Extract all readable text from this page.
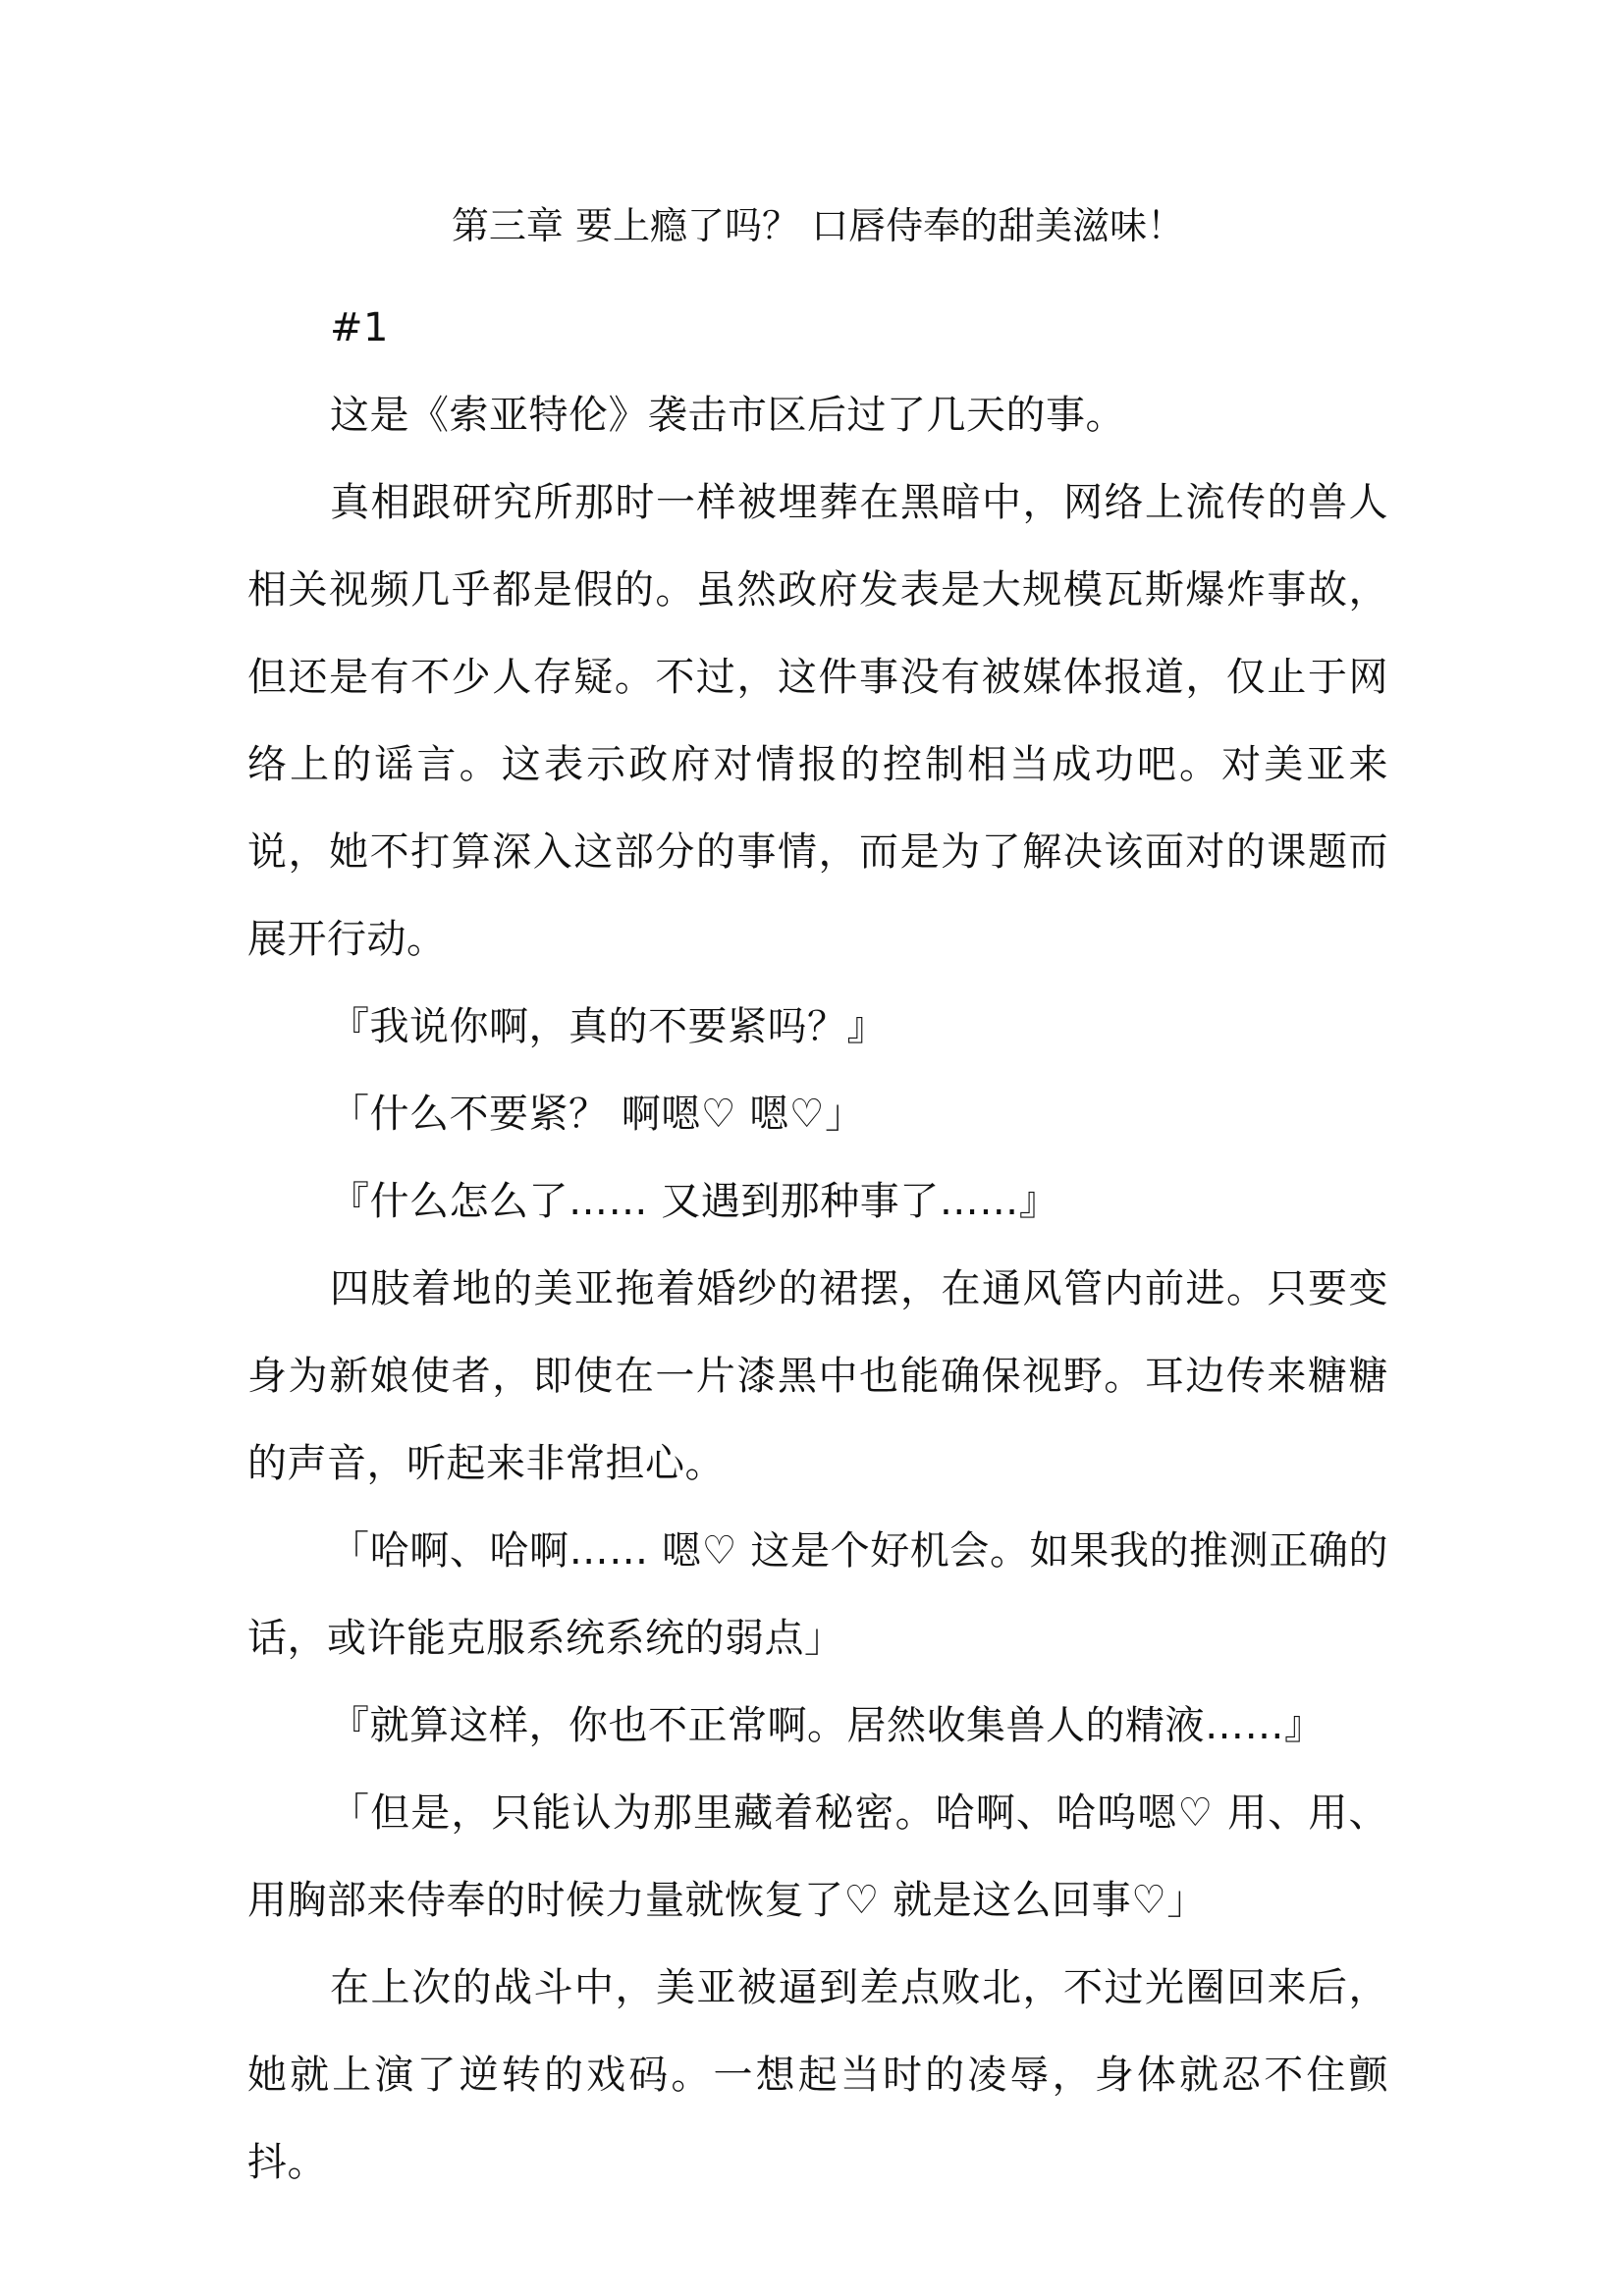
第三章 要上瘾了吗？ 口唇侍奉的甜美滋味！

#1

这是《索亚特伦》袭击市区后过了几天的事。

真相跟研究所那时一样被埋葬在黑暗中，网络上流传的兽人相关视频几乎都是假的。虽然政府发表是大规模瓦斯爆炸事故，但还是有不少人存疑。不过，这件事没有被媒体报道，仅止于网络上的谣言。这表示政府对情报的控制相当成功吧。对美亚来说，她不打算深入这部分的事情，而是为了解决该面对的课题而展开行动。

『我说你啊，真的不要紧吗？』

「什么不要紧？ 啊嗯♡ 嗯♡」

『什么怎么了…… 又遇到那种事了……』

四肢着地的美亚拖着婚纱的裙摆，在通风管内前进。只要变身为新娘使者，即使在一片漆黑中也能确保视野。耳边传来糖糖的声音，听起来非常担心。

「哈啊、哈啊…… 嗯♡ 这是个好机会。如果我的推测正确的话，或许能克服系统系统的弱点」

『就算这样，你也不正常啊。居然收集兽人的精液……』

「但是，只能认为那里藏着秘密。哈啊、哈呜嗯♡ 用、用、用胸部来侍奉的时候力量就恢复了♡ 就是这么回事♡」

在上次的战斗中，美亚被逼到差点败北，不过光圈回来后，她就上演了逆转的戏码。一想起当时的凌辱，身体就忍不住颤抖。
